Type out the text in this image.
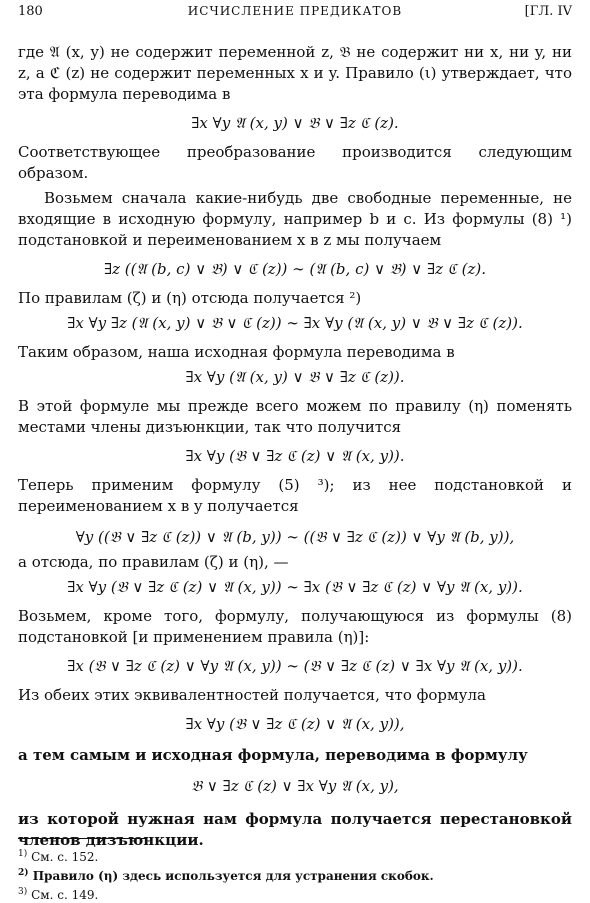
180	ИСЧИСЛЕНИЕ ПРЕДИКАТОВ	[ГЛ. IV

где 𝔄 (x, y) не содержит переменной z, 𝔅 не содержит ни x, ни y, ни z, а ℭ (z) не содержит переменных x и y. Правило (ι) утверждает, что эта формула переводима в

∃x ∀y 𝔄 (x, y) ∨ 𝔅 ∨ ∃z ℭ (z).

Соответствующее преобразование производится следующим образом.

Возьмем сначала какие-нибудь две свободные переменные, не входящие в исходную формулу, например b и c. Из формулы (8) ¹) подстановкой и переименованием x в z мы получаем

∃z ((𝔄 (b, c) ∨ 𝔅) ∨ ℭ (z)) ∼ (𝔄 (b, c) ∨ 𝔅) ∨ ∃z ℭ (z).

По правилам (ζ) и (η) отсюда получается ²)

∃x ∀y ∃z (𝔄 (x, y) ∨ 𝔅 ∨ ℭ (z)) ∼ ∃x ∀y (𝔄 (x, y) ∨ 𝔅 ∨ ∃z ℭ (z)).

Таким образом, наша исходная формула переводима в

∃x ∀y (𝔄 (x, y) ∨ 𝔅 ∨ ∃z ℭ (z)).

В этой формуле мы прежде всего можем по правилу (η) поменять местами члены дизъюнкции, так что получится

∃x ∀y (𝔅 ∨ ∃z ℭ (z) ∨ 𝔄 (x, y)).

Теперь применим формулу (5) ³); из нее подстановкой и переименованием x в y получается

∀y ((𝔅 ∨ ∃z ℭ (z)) ∨ 𝔄 (b, y)) ∼ ((𝔅 ∨ ∃z ℭ (z)) ∨ ∀y 𝔄 (b, y)),

а отсюда, по правилам (ζ) и (η), —

∃x ∀y (𝔅 ∨ ∃z ℭ (z) ∨ 𝔄 (x, y)) ∼ ∃x (𝔅 ∨ ∃z ℭ (z) ∨ ∀y 𝔄 (x, y)).

Возьмем, кроме того, формулу, получающуюся из формулы (8) подстановкой [и применением правила (η)]:

∃x (𝔅 ∨ ∃z ℭ (z) ∨ ∀y 𝔄 (x, y)) ∼ (𝔅 ∨ ∃z ℭ (z) ∨ ∃x ∀y 𝔄 (x, y)).

Из обеих этих эквивалентностей получается, что формула

∃x ∀y (𝔅 ∨ ∃z ℭ (z) ∨ 𝔄 (x, y)),

а тем самым и исходная формула, переводима в формулу

𝔅 ∨ ∃z ℭ (z) ∨ ∃x ∀y 𝔄 (x, y),

из которой нужная нам формула получается перестановкой членов дизъюнкции.

$^{1)}$ См. с. 152.
$^{2)}$ Правило (η) здесь используется для устранения скобок.
$^{3)}$ См. с. 149.
